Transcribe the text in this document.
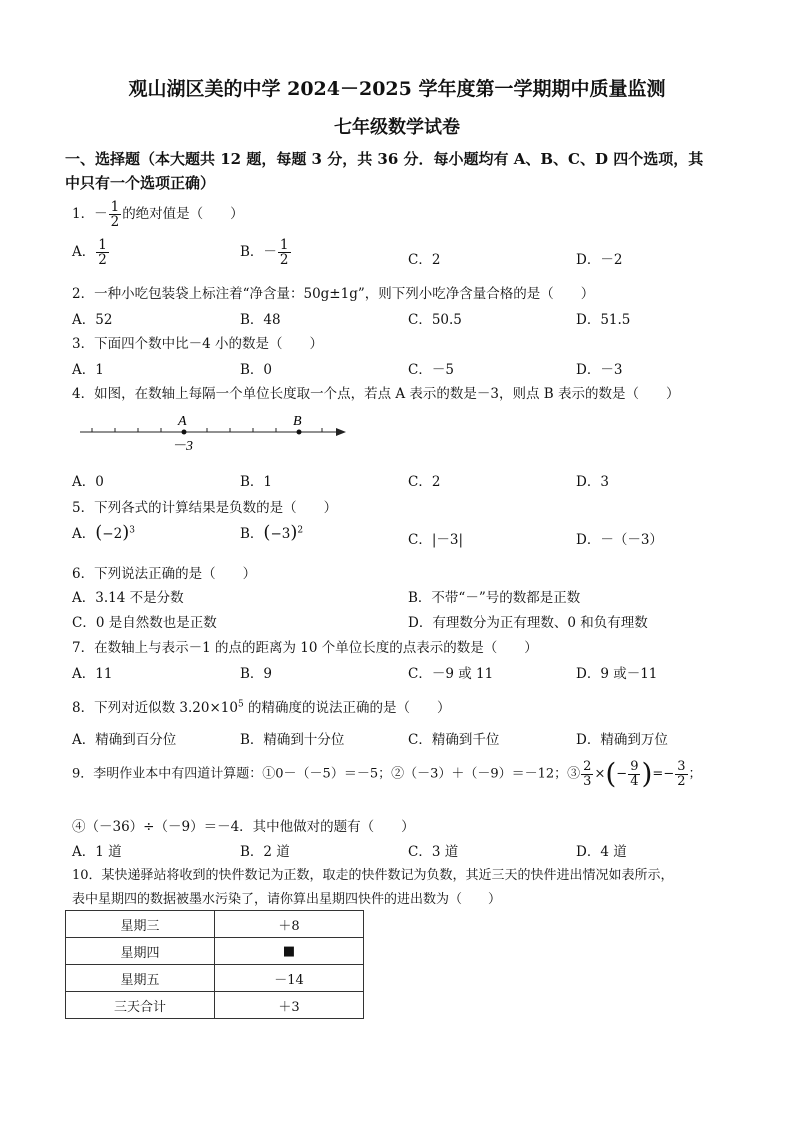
观山湖区美的中学 2024－2025 学年度第一学期期中质量监测
七年级数学试卷
一、选择题（本大题共 12 题，每题 3 分，共 36 分．每小题均有 A、B、C、D 四个选项，其
中只有一个选项正确）
1．－ $\frac{1}{2}$ 的绝对值是（　　）
A． $\frac{1}{2}$	B．－ $\frac{1}{2}$	C．2	D．－2
2．一种小吃包装袋上标注着“净含量：50g±1g”，则下列小吃净含量合格的是（　　）
A．52	B．48	C．50.5	D．51.5
3．下面四个数中比－4 小的数是（　　）
A．1	B．0	C．－5	D．－3
4．如图，在数轴上每隔一个单位长度取一个点，若点 A 表示的数是－3，则点 B 表示的数是（　　）
A	B
－3
A．0	B．1	C．2	D．3
5．下列各式的计算结果是负数的是（　　）
A．$(-2)^3$	B．$(-3)^2$
C．|－3|	D．－（－3）
6．下列说法正确的是（　　）
A．3.14 不是分数	B．不带“－”号的数都是正数
C．0 是自然数也是正数	D．有理数分为正有理数、0 和负有理数
7．在数轴上与表示－1 的点的距离为 10 个单位长度的点表示的数是（　　）
A．11	B．9	C．－9 或 11	D．9 或－11
8．下列对近似数 $3.20\times 10^5$ 的精确度的说法正确的是（　　）
A．精确到百分位	B．精确到十分位	C．精确到千位	D．精确到万位
9．李明作业本中有四道计算题：①0－（－5）＝－5；②（－3）＋（－9）＝－12；③ $\frac{2}{3}$ ×(− $\frac{9}{4}$ )=− $\frac{3}{2}$ ；
④（－36）÷（－9）＝－4．其中他做对的题有（　　）
A．1 道	B．2 道	C．3 道	D．4 道
10．某快递驿站将收到的快件数记为正数，取走的快件数记为负数，其近三天的快件进出情况如表所示，
表中星期四的数据被墨水污染了，请你算出星期四快件的进出数为（　　）
星期三	＋8
星期四	■
星期五	－14
三天合计	＋3
